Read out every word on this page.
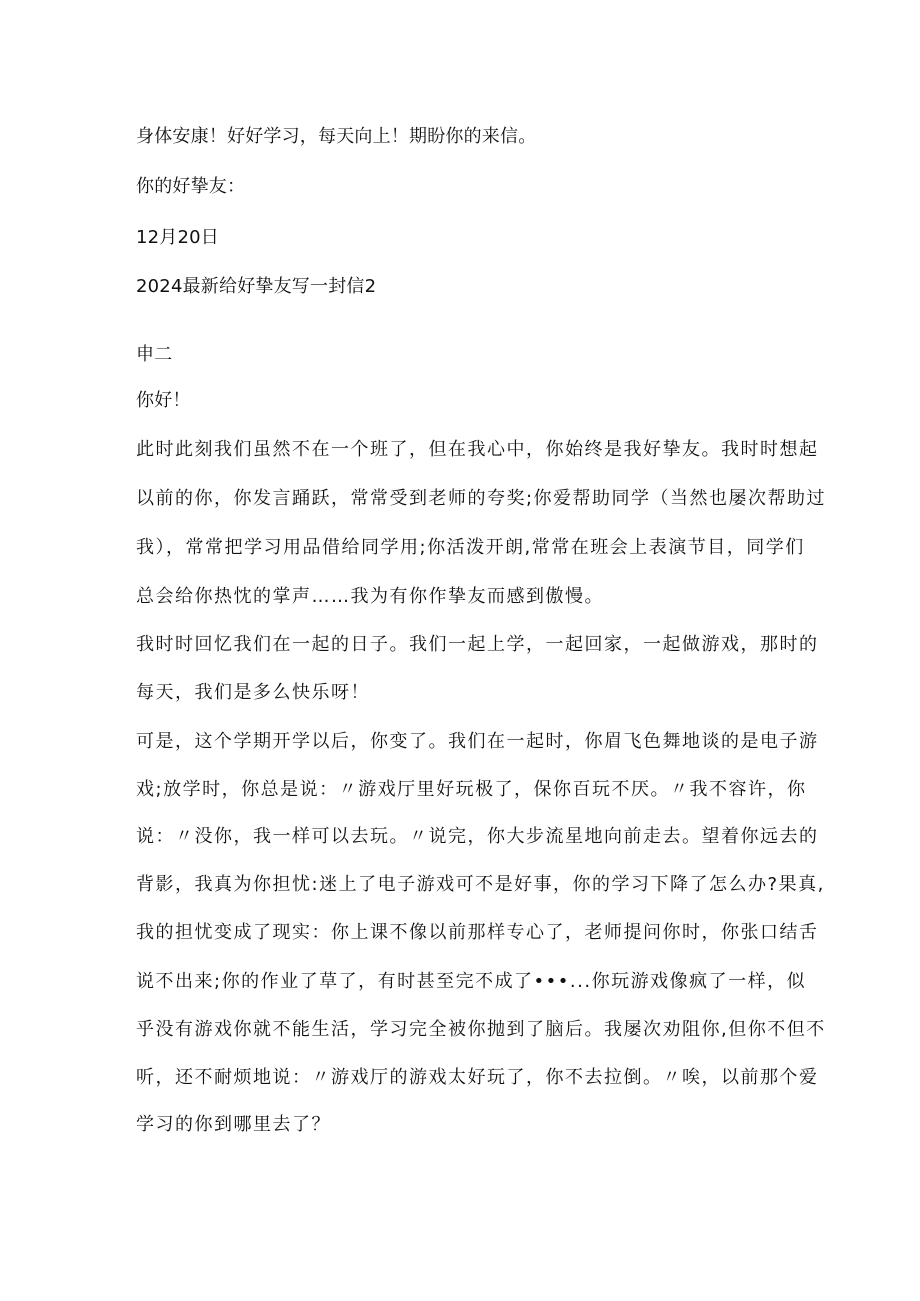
身体安康！好好学习，每天向上！期盼你的来信。

你的好挚友：

12月20日

2024最新给好挚友写一封信2

申二

你好！

此时此刻我们虽然不在一个班了，但在我心中，你始终是我好挚友。我时时想起

以前的你，你发言踊跃，常常受到老师的夸奖;你爱帮助同学（当然也屡次帮助过

我），常常把学习用品借给同学用;你活泼开朗,常常在班会上表演节目，同学们

总会给你热忱的掌声……我为有你作挚友而感到傲慢。

我时时回忆我们在一起的日子。我们一起上学，一起回家，一起做游戏，那时的

每天，我们是多么快乐呀！

可是，这个学期开学以后，你变了。我们在一起时，你眉飞色舞地谈的是电子游

戏;放学时，你总是说：〃游戏厅里好玩极了，保你百玩不厌。〃我不容许，你

说：〃没你，我一样可以去玩。〃说完，你大步流星地向前走去。望着你远去的

背影，我真为你担忧:迷上了电子游戏可不是好事，你的学习下降了怎么办?果真,

我的担忧变成了现实：你上课不像以前那样专心了，老师提问你时，你张口结舌

说不出来;你的作业了草了，有时甚至完不成了•••...你玩游戏像疯了一样，似

乎没有游戏你就不能生活，学习完全被你抛到了脑后。我屡次劝阻你,但你不但不

听，还不耐烦地说：〃游戏厅的游戏太好玩了，你不去拉倒。〃唉，以前那个爱

学习的你到哪里去了？
